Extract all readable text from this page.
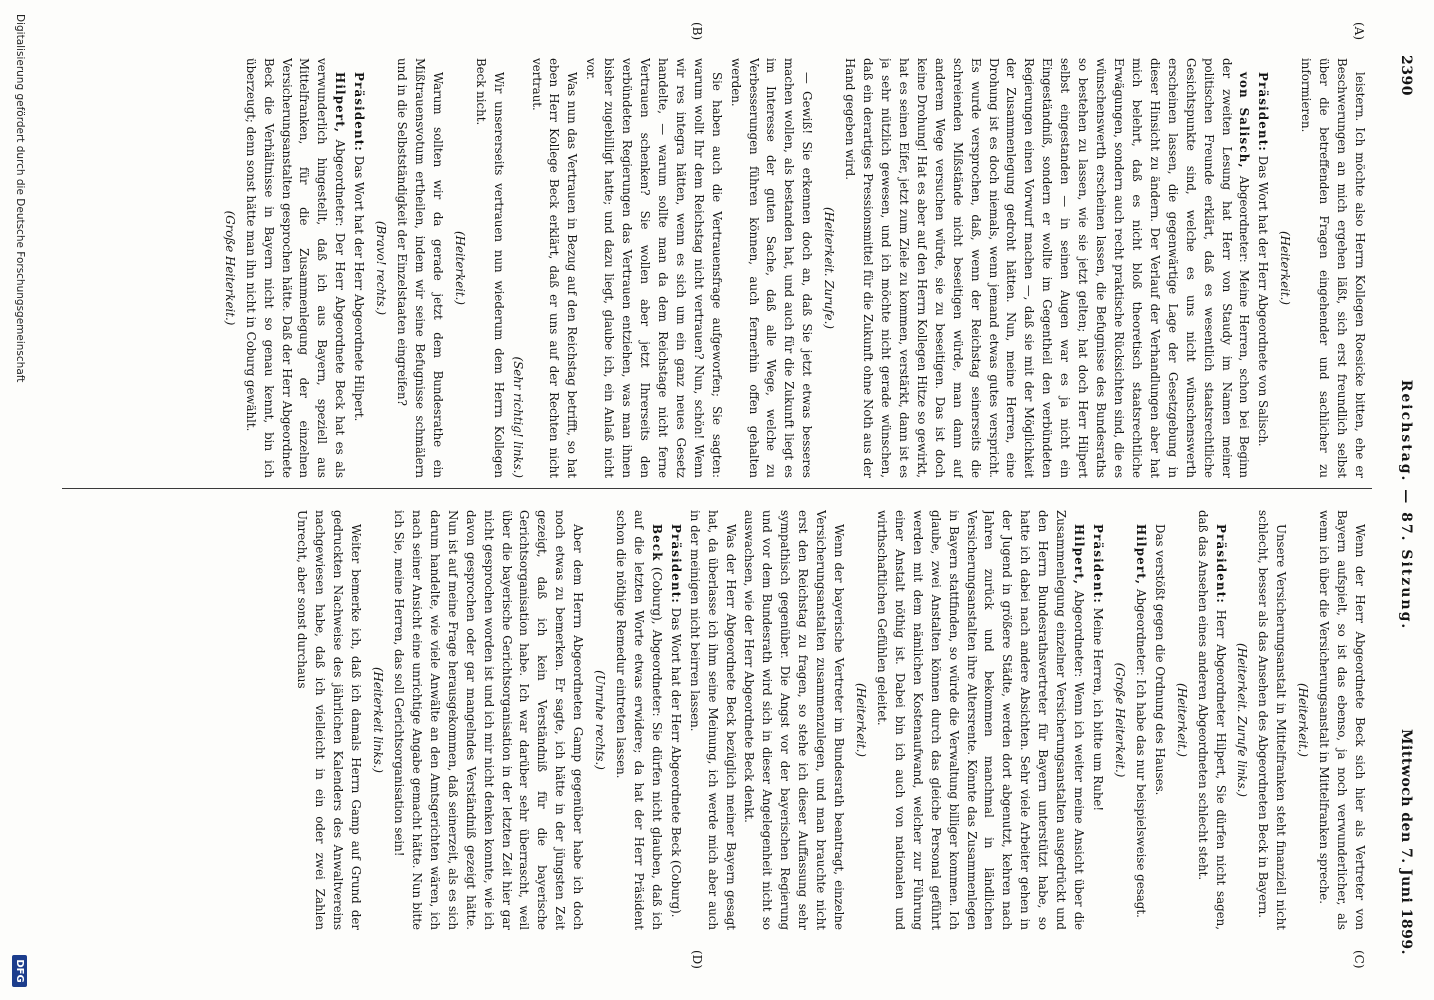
2390
Reichstag. — 87. Sitzung.
Mittwoch den 7. Juni 1899.
(A)
(B)
(C)
(D)

leistern. Ich möchte also Herrn Kollegen Roesicke bitten, ehe er Beschwerungen an mich ergehen läßt, sich erst freundlich selbst über die betreffenden Fragen eingehender und sachlicher zu informieren.

(Heiterkeit.)

Präsident: Das Wort hat der Herr Abgeordnete von Salisch.

von Salisch, Abgeordneter: Meine Herren, schon bei Beginn der zweiten Lesung hat Herr von Staudy im Namen meiner politischen Freunde erklärt, daß es wesentlich staatsrechtliche Gesichtspunkte sind, welche es uns nicht wünschenswerth erscheinen lassen, die gegenwärtige Lage der Gesetzgebung in dieser Hinsicht zu ändern. Der Verlauf der Verhandlungen aber hat mich belehrt, daß es nicht bloß theoretisch staatsrechtliche Erwägungen, sondern auch recht praktische Rücksichten sind, die es wünschenswerth erscheinen lassen, die Befugnisse des Bundesraths so bestehen zu lassen, wie sie jetzt gelten; hat doch Herr Hilpert selbst eingestanden — in seinen Augen war es ja nicht ein Eingeständniß, sondern er wollte im Gegentheil den verbündeten Regierungen einen Vorwurf machen —, daß sie mit der Möglichkeit der Zusammenlegung gedroht hätten. Nun, meine Herren, eine Drohung ist es doch niemals, wenn jemand etwas gutes verspricht. Es wurde versprochen, daß, wenn der Reichstag seinerseits die schreienden Mißstände nicht beseitigen würde, man dann auf anderem Wege versuchen würde, sie zu beseitigen. Das ist doch keine Drohung! Hat es aber auf den Herrn Kollegen Hitze so gewirkt, hat es seinen Eifer, jetzt zum Ziele zu kommen, verstärkt, dann ist es ja sehr nützlich gewesen, und ich möchte nicht gerade wünschen, daß ein derartiges Pressionsmittel für die Zukunft ohne Noth aus der Hand gegeben wird.

(Heiterkeit. Zurufe.)

— Gewiß! Sie erkennen doch an, daß Sie jetzt etwas besseres machen wollen, als bestanden hat, und auch für die Zukunft liegt es im Interesse der guten Sache, daß alle Wege, welche zu Verbesserungen führen können, auch fernerhin offen gehalten werden.

Sie haben auch die Vertrauensfrage aufgeworfen; Sie sagten: warum wollt Ihr dem Reichstag nicht vertrauen? Nun, schön! Wenn wir res integra hätten, wenn es sich um ein ganz neues Gesetz handelte, — warum sollte man da dem Reichstage nicht ferne Vertrauen schenken? Sie wollen aber jetzt Ihrerseits den verbündeten Regierungen das Vertrauen entziehen, was man ihnen bisher zugebilligt hatte; und dazu liegt, glaube ich, ein Anlaß nicht vor.

Was nun das Vertrauen in Bezug auf den Reichstag betrifft, so hat eben Herr Kollege Beck erklärt, daß er uns auf der Rechten nicht vertraut.

(Sehr richtig! links.)

Wir unsererseits vertrauen nun wiederum dem Herrn Kollegen Beck nicht.

(Heiterkeit.)

Warum sollten wir da gerade jetzt dem Bundesrathe ein Mißtrauensvotum ertheilen, indem wir seine Befugnisse schmälern und in die Selbstständigkeit der Einzelstaaten eingreifen?

(Bravo! rechts.)

Präsident: Das Wort hat der Herr Abgeordnete Hilpert.

Hilpert, Abgeordneter: Der Herr Abgeordnete Beck hat es als verwunderlich hingestellt, daß ich aus Bayern, speziell aus Mittelfranken, für die Zusammenlegung der einzelnen Versicherungsanstalten gesprochen hätte. Daß der Herr Abgeordnete Beck die Verhältnisse in Bayern nicht so genau kennt, bin ich überzeugt; denn sonst hätte man ihn nicht in Coburg gewählt.

(Große Heiterkeit.)

Wenn der Herr Abgeordnete Beck sich hier als Vertreter von Bayern aufspielt, so ist das ebenso, ja noch verwunderlicher, als wenn ich über die Versicherungsanstalt in Mittelfranken spreche.

(Heiterkeit.)

Unsere Versicherungsanstalt in Mittelfranken steht finanziell nicht schlecht, besser als das Ansehen des Abgeordneten Beck in Bayern.

(Heiterkeit. Zurufe links.)

Präsident: Herr Abgeordneter Hilpert, Sie dürfen nicht sagen, daß das Ansehen eines anderen Abgeordneten schlecht steht.

(Heiterkeit.)

Das verstößt gegen die Ordnung des Hauses.

Hilpert, Abgeordneter: Ich habe das nur beispielsweise gesagt.

(Große Heiterkeit.)

Präsident: Meine Herren, ich bitte um Ruhe!

Hilpert, Abgeordneter: Wenn ich weiter meine Ansicht über die Zusammenlegung einzelner Versicherungsanstalten ausgedrückt und den Herrn Bundesrathsvertreter für Bayern unterstützt habe, so hatte ich dabei nach andere Absichten. Sehr viele Arbeiter gehen in der Jugend in größere Städte, werden dort abgenutzt, kehren nach Jahren zurück und bekommen manchmal in ländlichen Versicherungsanstalten ihre Altersrente. Könnte das Zusammenlegen in Bayern stattfinden, so würde die Verwaltung billiger kommen. Ich glaube, zwei Anstalten können durch das gleiche Personal geführt werden mit dem nämlichen Kostenaufwand, welcher zur Führung einer Anstalt nöthig ist. Dabei bin ich auch von nationalen und wirthschaftlichen Gefühlen geleitet.

(Heiterkeit.)

Wenn der bayerische Vertreter im Bundesrath beantragt, einzelne Versicherungsanstalten zusammenzulegen, und man brauchte nicht erst den Reichstag zu fragen, so stehe ich dieser Auffassung sehr sympathisch gegenüber. Die Angst vor der bayerischen Regierung und vor dem Bundesrath wird sich in dieser Angelegenheit nicht so auswachsen, wie der Herr Abgeordnete Beck denkt.

Was der Herr Abgeordnete Beck bezüglich meiner Bayern gesagt hat, da überlasse ich ihm seine Meinung, ich werde mich aber auch in der meinigen nicht beirren lassen.

Präsident: Das Wort hat der Herr Abgeordnete Beck (Coburg).

Beck (Coburg), Abgeordneter: Sie dürfen nicht glauben, daß ich auf die letzten Worte etwas erwidere; da hat der Herr Präsident schon die nöthige Remedur eintreten lassen.

(Unruhe rechts.)

Aber dem Herrn Abgeordneten Gamp gegenüber habe ich doch noch etwas zu bemerken. Er sagte, ich hätte in der jüngsten Zeit gezeigt, daß ich kein Verständniß für die bayerische Gerichtsorganisation habe. Ich war darüber sehr überrascht, weil über die bayerische Gerichtsorganisation in der letzten Zeit hier gar nicht gesprochen worden ist und ich mir nicht denken konnte, wie ich davon gesprochen oder gar mangelndes Verständniß gezeigt hätte. Nun ist auf meine Frage herausgekommen, daß seinerzeit, als es sich darum handelte, wie viele Anwälte an den Amtsgerichten wären, ich nach seiner Ansicht eine unrichtige Angabe gemacht hätte. Nun bitte ich Sie, meine Herren, das soll Gerichtsorganisation sein!

(Heiterkeit links.)

Weiter bemerke ich, daß ich damals Herrn Gamp auf Grund der gedruckten Nachweise des jährlichen Kalenders des Anwaltvereins nachgewiesen habe, daß ich vielleicht in ein oder zwei Zahlen Unrecht, aber sonst durchaus

Digitalisierung gefördert durch die Deutsche Forschungsgemeinschaft
DFG
